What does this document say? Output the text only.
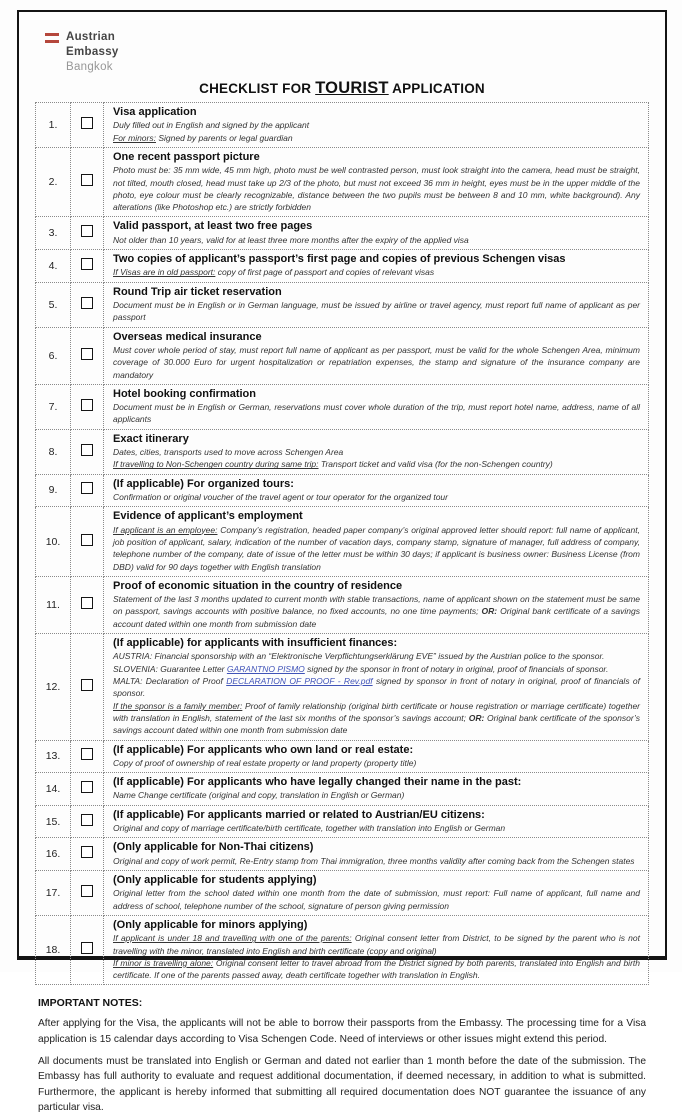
Austrian
Embassy
Bangkok
CHECKLIST FOR TOURIST APPLICATION
1.		Visa application
Duly filled out in English and signed by the applicant
For minors: Signed by parents or legal guardian

2.		One recent passport picture
Photo must be: 35 mm wide, 45 mm high, photo must be well contrasted person, must look straight into the camera, head must be straight, not tilted, mouth closed, head must take up 2/3 of the photo, but must not exceed 36 mm in height, eyes must be in the upper middle of the photo, eye colour must be clearly recognizable, distance between the two pupils must be between 8 and 10 mm, white background). Any alterations (like Photoshop etc.) are strictly forbidden

3.		Valid passport, at least two free pages
Not older than 10 years, valid for at least three more months after the expiry of the applied visa

4.		Two copies of applicant’s passport’s first page and copies of previous Schengen visas
If Visas are in old passport: copy of first page of passport and copies of relevant visas

5.		Round Trip air ticket reservation
Document must be in English or in German language, must be issued by airline or travel agency, must report full name of applicant as per passport

6.		Overseas medical insurance
Must cover whole period of stay, must report full name of applicant as per passport, must be valid for the whole Schengen Area, minimum coverage of 30.000 Euro for urgent hospitalization or repatriation expenses, the stamp and signature of the insurance company are mandatory

7.		Hotel booking confirmation
Document must be in English or German, reservations must cover whole duration of the trip, must report hotel name, address, name of all applicants

8.		Exact itinerary
Dates, cities, transports used to move across Schengen Area
If travelling to Non-Schengen country during same trip: Transport ticket and valid visa (for the non-Schengen country)

9.		(If applicable) For organized tours:
Confirmation or original voucher of the travel agent or tour operator for the organized tour

10.		Evidence of applicant’s employment
If applicant is an employee: Company’s registration, headed paper company’s original approved letter should report: full name of applicant, job position of applicant, salary, indication of the number of vacation days, company stamp, signature of manager, full address of company, telephone number of the company, date of issue of the letter must be within 30 days; if applicant is business owner: Business License (from DBD) valid for 90 days together with English translation

11.		Proof of economic situation in the country of residence
Statement of the last 3 months updated to current month with stable transactions, name of applicant shown on the statement must be same on passport, savings accounts with positive balance, no fixed accounts, no one time payments; OR: Original bank certificate of a savings account dated within one month from submission date

12.		(If applicable) for applicants with insufficient finances:
AUSTRIA: Financial sponsorship with an “Elektronische Verpflichtungserklärung EVE” issued by the Austrian police to the sponsor.
SLOVENIA: Guarantee Letter GARANTNO PISMO signed by the sponsor in front of notary in original, proof of financials of sponsor.
MALTA: Declaration of Proof DECLARATION OF PROOF - Rev.pdf signed by sponsor in front of notary in original, proof of financials of sponsor.
If the sponsor is a family member: Proof of family relationship (original birth certificate or house registration or marriage certificate) together with translation in English, statement of the last six months of the sponsor’s savings account; OR: Original bank certificate of the sponsor’s savings account dated within one month from submission date

13.		(If applicable) For applicants who own land or real estate:
Copy of proof of ownership of real estate property or land property (property title)

14.		(If applicable) For applicants who have legally changed their name in the past:
Name Change certificate (original and copy, translation in English or German)

15.		(If applicable) For applicants married or related to Austrian/EU citizens:
Original and copy of marriage certificate/birth certificate, together with translation into English or German

16.		(Only applicable for Non-Thai citizens)
Original and copy of work permit, Re-Entry stamp from Thai immigration, three months validity after coming back from the Schengen states

17.		(Only applicable for students applying)
Original letter from the school dated within one month from the date of submission, must report: Full name of applicant, full name and address of school, telephone number of the school, signature of person giving permission

18.		(Only applicable for minors applying)
If applicant is under 18 and travelling with one of the parents: Original consent letter from District, to be signed by the parent who is not travelling with the minor, translated into English and birth certificate (copy and original)
If minor is travelling alone: Original consent letter to travel abroad from the District signed by both parents, translated into English and birth certificate. If one of the parents passed away, death certificate together with translation in English.
IMPORTANT NOTES:

After applying for the Visa, the applicants will not be able to borrow their passports from the Embassy. The processing time for a Visa application is 15 calendar days according to Visa Schengen Code. Need of interviews or other issues might extend this period.

All documents must be translated into English or German and dated not earlier than 1 month before the date of the submission. The Embassy has full authority to evaluate and request additional documentation, if deemed necessary, in addition to what is submitted. Furthermore, the applicant is hereby informed that submitting all required documentation does NOT guarantee the issuance of any particular visa.
